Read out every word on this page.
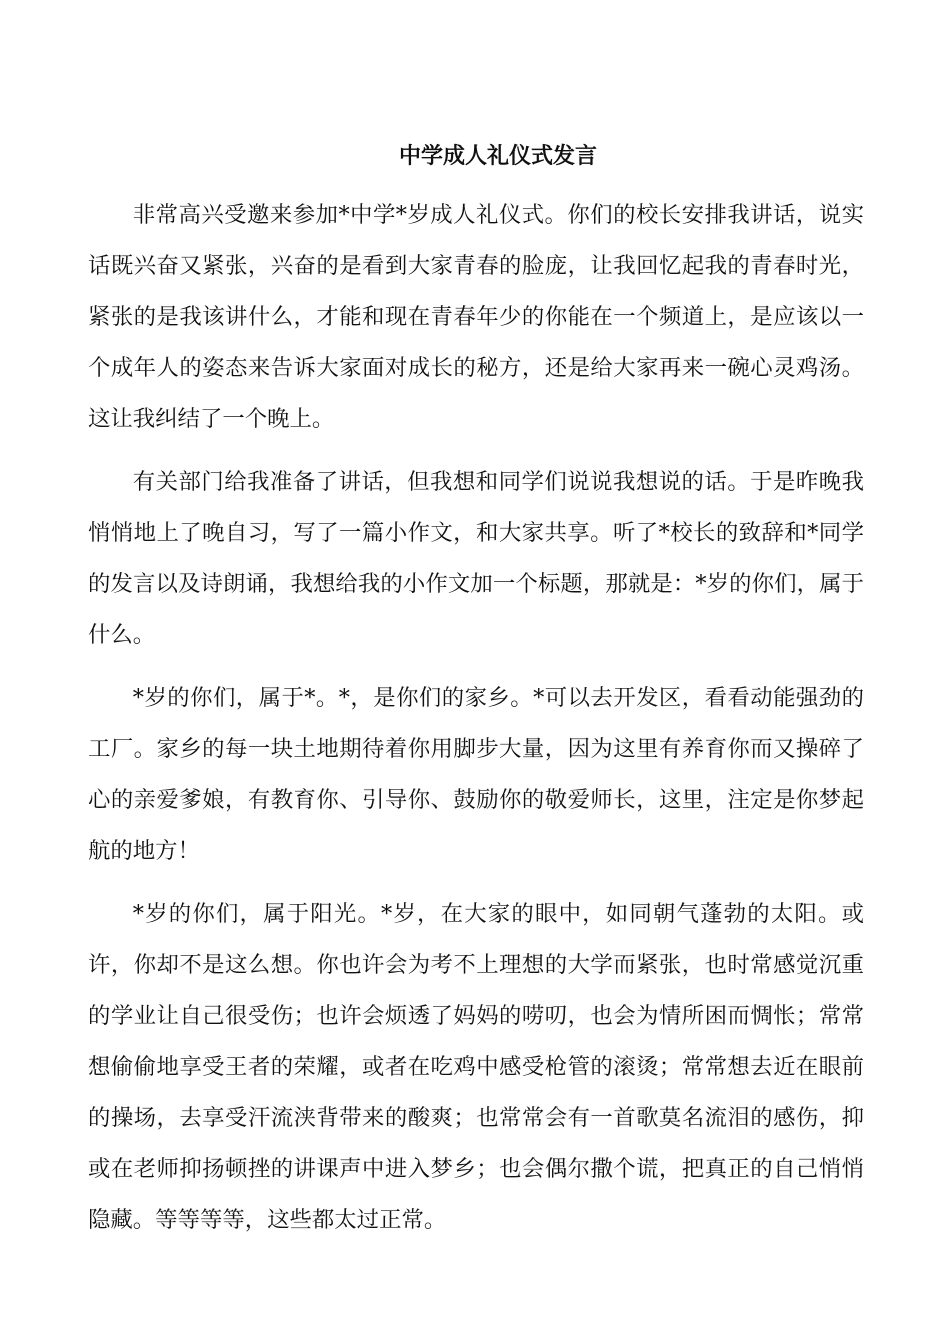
中学成人礼仪式发言

非常高兴受邀来参加*中学*岁成人礼仪式。你们的校长安排我讲话，说实话既兴奋又紧张，兴奋的是看到大家青春的脸庞，让我回忆起我的青春时光，紧张的是我该讲什么，才能和现在青春年少的你能在一个频道上，是应该以一个成年人的姿态来告诉大家面对成长的秘方，还是给大家再来一碗心灵鸡汤。这让我纠结了一个晚上。

有关部门给我准备了讲话，但我想和同学们说说我想说的话。于是昨晚我悄悄地上了晚自习，写了一篇小作文，和大家共享。听了*校长的致辞和*同学的发言以及诗朗诵，我想给我的小作文加一个标题，那就是：*岁的你们，属于什么。

*岁的你们，属于*。*，是你们的家乡。*可以去开发区，看看动能强劲的工厂。家乡的每一块土地期待着你用脚步大量，因为这里有养育你而又操碎了心的亲爱爹娘，有教育你、引导你、鼓励你的敬爱师长，这里，注定是你梦起航的地方！

*岁的你们，属于阳光。*岁，在大家的眼中，如同朝气蓬勃的太阳。或许，你却不是这么想。你也许会为考不上理想的大学而紧张，也时常感觉沉重的学业让自己很受伤；也许会烦透了妈妈的唠叨，也会为情所困而惆怅；常常想偷偷地享受王者的荣耀，或者在吃鸡中感受枪管的滚烫；常常想去近在眼前的操场，去享受汗流浃背带来的酸爽；也常常会有一首歌莫名流泪的感伤，抑或在老师抑扬顿挫的讲课声中进入梦乡；也会偶尔撒个谎，把真正的自己悄悄隐藏。等等等等，这些都太过正常。
